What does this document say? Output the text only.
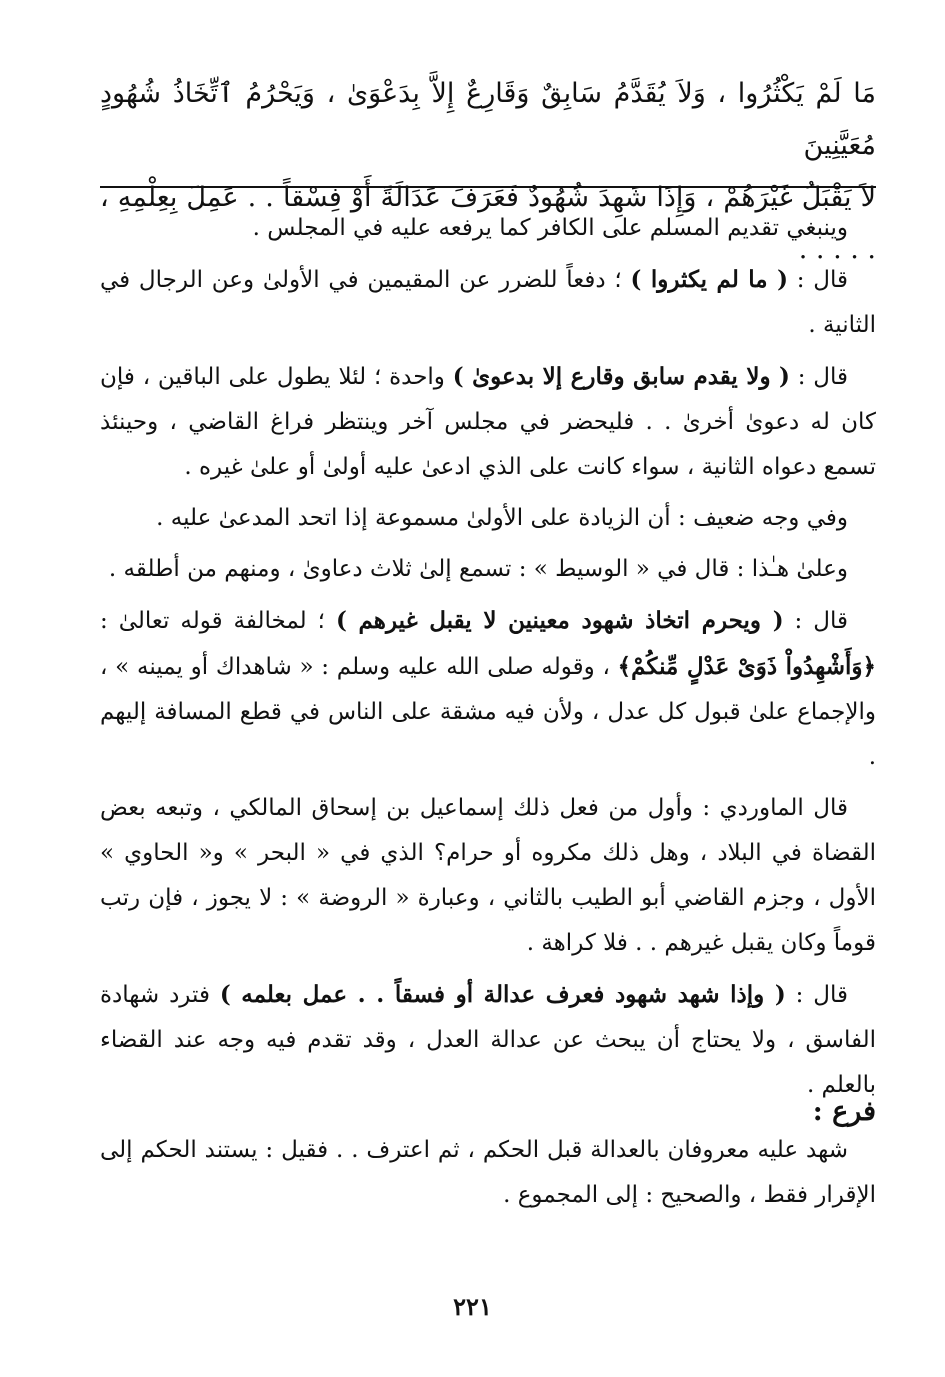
مَا لَمْ يَكْثُرُوا ، وَلاَ يُقَدَّمُ سَابِقٌ وَقَارِعٌ إِلاَّ بِدَعْوَىٰ ، وَيَحْرُمُ ٱتِّخَاذُ شُهُودٍ مُعَيَّنِينَ

لاَ يَقْبَلُ غَيْرَهُمْ ، وَإِذَا شَهِدَ شُهُودٌ فَعَرَفَ عَدَالَةً أَوْ فِسْقاً . . عَمِلَ بِعِلْمِهِ ، . . . . .

وينبغي تقديم المسلم على الكافر كما يرفعه عليه في المجلس .

قال : ( ما لم يكثروا ) ؛ دفعاً للضرر عن المقيمين في الأولىٰ وعن الرجال في الثانية .

قال : ( ولا يقدم سابق وقارع إلا بدعوىٰ ) واحدة ؛ لئلا يطول على الباقين ، فإن كان له دعوىٰ أخرىٰ . . فليحضر في مجلس آخر وينتظر فراغ القاضي ، وحينئذ تسمع دعواه الثانية ، سواء كانت على الذي ادعىٰ عليه أولىٰ أو علىٰ غيره .

وفي وجه ضعيف : أن الزيادة على الأولىٰ مسموعة إذا اتحد المدعىٰ عليه .

وعلىٰ هـٰذا : قال في « الوسيط » : تسمع إلىٰ ثلاث دعاوىٰ ، ومنهم من أطلقه .

قال : ( ويحرم اتخاذ شهود معينين لا يقبل غيرهم ) ؛ لمخالفة قوله تعالىٰ : ﴿وَأَشْهِدُواْ ذَوَىْ عَدْلٍ مِّنكُمْ﴾ ، وقوله صلى الله عليه وسلم : « شاهداك أو يمينه » ، والإجماع علىٰ قبول كل عدل ، ولأن فيه مشقة على الناس في قطع المسافة إليهم .

قال الماوردي : وأول من فعل ذلك إسماعيل بن إسحاق المالكي ، وتبعه بعض القضاة في البلاد ، وهل ذلك مكروه أو حرام؟ الذي في « البحر » و« الحاوي » الأول ، وجزم القاضي أبو الطيب بالثاني ، وعبارة « الروضة » : لا يجوز ، فإن رتب قوماً وكان يقبل غيرهم . . فلا كراهة .

قال : ( وإذا شهد شهود فعرف عدالة أو فسقاً . . عمل بعلمه ) فترد شهادة الفاسق ، ولا يحتاج أن يبحث عن عدالة العدل ، وقد تقدم فيه وجه عند القضاء بالعلم .

فرع :

شهد عليه معروفان بالعدالة قبل الحكم ، ثم اعترف . . فقيل : يستند الحكم إلى الإقرار فقط ، والصحيح : إلى المجموع .

٢٢١
